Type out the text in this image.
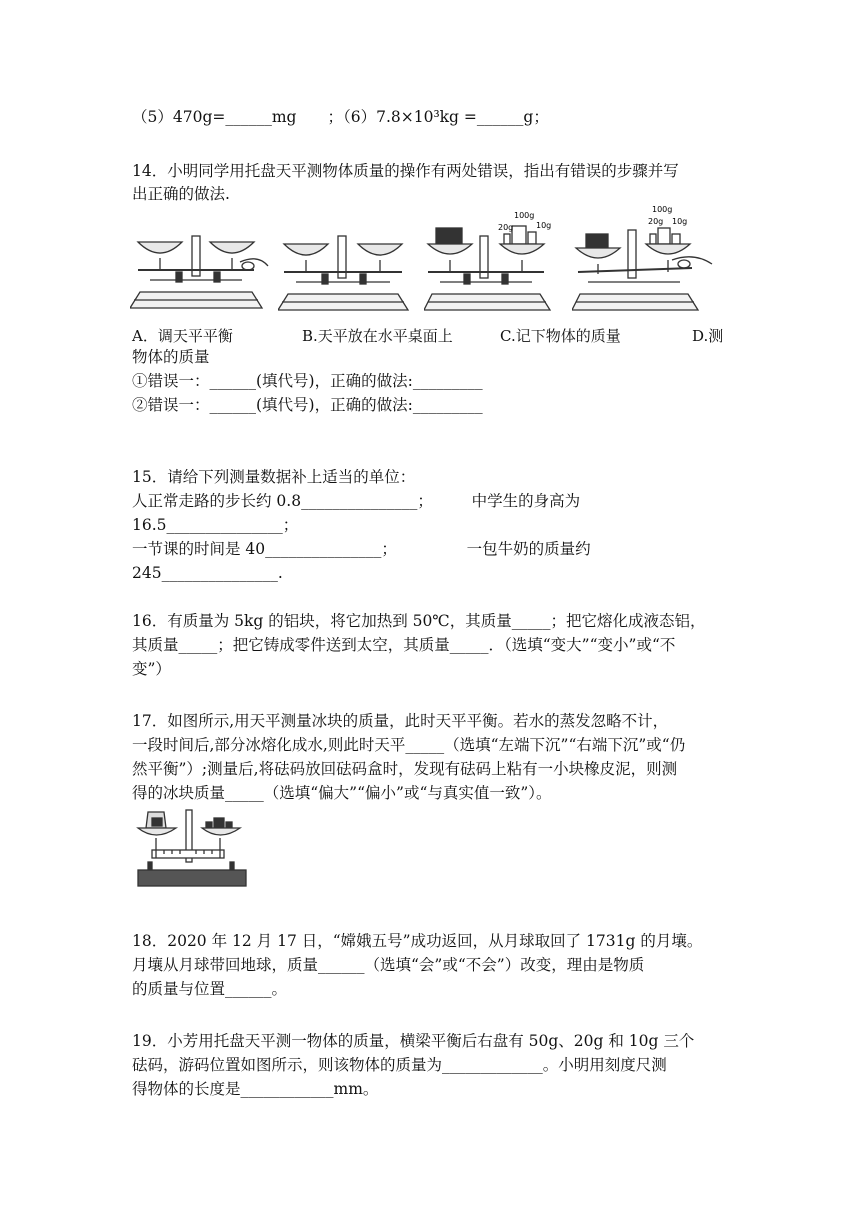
（5）470g=______mg　　；（6）7.8×10³kg =______g；
14．小明同学用托盘天平测物体质量的操作有两处错误，指出有错误的步骤并写
出正确的做法.
100g
20g	10g
100g
20g 10g
A．调天平平衡	B.天平放在水平桌面上	C.记下物体的质量	D.测
物体的质量
①错误一：______(填代号)，正确的做法:_________
②错误一：______(填代号)，正确的做法:_________
15．请给下列测量数据补上适当的单位：
人正常走路的步长约 0.8_______________；　　　中学生的身高为
16.5_______________；
一节课的时间是 40_______________；　　　　　一包牛奶的质量约
245_______________.
16．有质量为 5kg 的铝块，将它加热到 50℃，其质量_____；把它熔化成液态铝，
其质量_____；把它铸成零件送到太空，其质量_____．（选填“变大”“变小”或“不
变”）
17．如图所示,用天平测量冰块的质量，此时天平平衡。若水的蒸发忽略不计，
一段时间后,部分冰熔化成水,则此时天平_____（选填“左端下沉”“右端下沉”或“仍
然平衡”）;测量后,将砝码放回砝码盒时，发现有砝码上粘有一小块橡皮泥，则测
得的冰块质量_____（选填“偏大”“偏小”或“与真实值一致”）。
18．2020 年 12 月 17 日，“嫦娥五号”成功返回，从月球取回了 1731g 的月壤。
月壤从月球带回地球，质量______（选填“会”或“不会”）改变，理由是物质
的质量与位置______。
19．小芳用托盘天平测一物体的质量，横梁平衡后右盘有 50g、20g 和 10g 三个
砝码，游码位置如图所示，则该物体的质量为_____________。小明用刻度尺测
得物体的长度是____________mm。
